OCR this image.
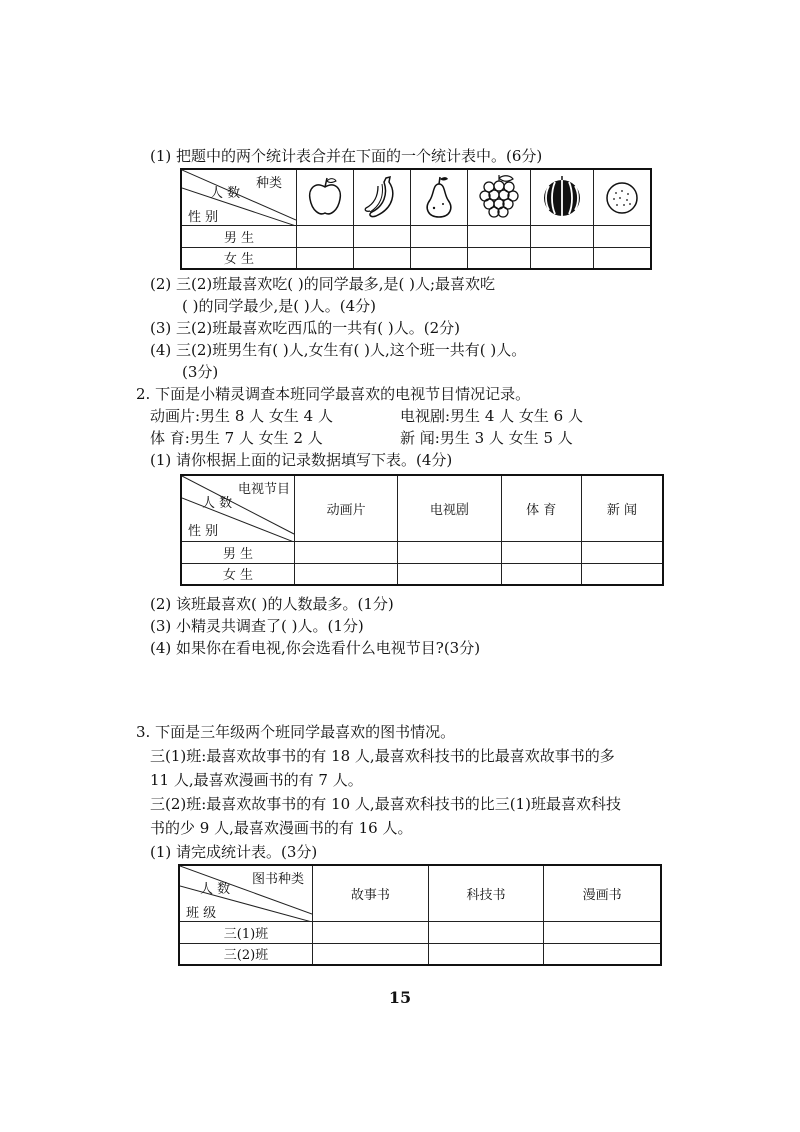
(1) 把题中的两个统计表合并在下面的一个统计表中。(6分)
种类
人 数
性 别

男 生						
女 生						
(2) 三(2)班最喜欢吃( )的同学最多,是( )人;最喜欢吃
( )的同学最少,是( )人。(4分)
(3) 三(2)班最喜欢吃西瓜的一共有( )人。(2分)
(4) 三(2)班男生有( )人,女生有( )人,这个班一共有( )人。
(3分)
2. 下面是小精灵调查本班同学最喜欢的电视节目情况记录。
动画片:男生 8 人 女生 4 人	电视剧:男生 4 人 女生 6 人
体 育:男生 7 人 女生 2 人	新 闻:男生 3 人 女生 5 人
(1) 请你根据上面的记录数据填写下表。(4分)
电视节目
人 数
性 别	动画片	电视剧	体 育	新 闻
男 生				
女 生				
(2) 该班最喜欢( )的人数最多。(1分)
(3) 小精灵共调查了( )人。(1分)
(4) 如果你在看电视,你会选看什么电视节目?(3分)
3. 下面是三年级两个班同学最喜欢的图书情况。
三(1)班:最喜欢故事书的有 18 人,最喜欢科技书的比最喜欢故事书的多
11 人,最喜欢漫画书的有 7 人。
三(2)班:最喜欢故事书的有 10 人,最喜欢科技书的比三(1)班最喜欢科技
书的少 9 人,最喜欢漫画书的有 16 人。
(1) 请完成统计表。(3分)
图书种类
人 数
班 级	故事书	科技书	漫画书
三(1)班			
三(2)班			
15
